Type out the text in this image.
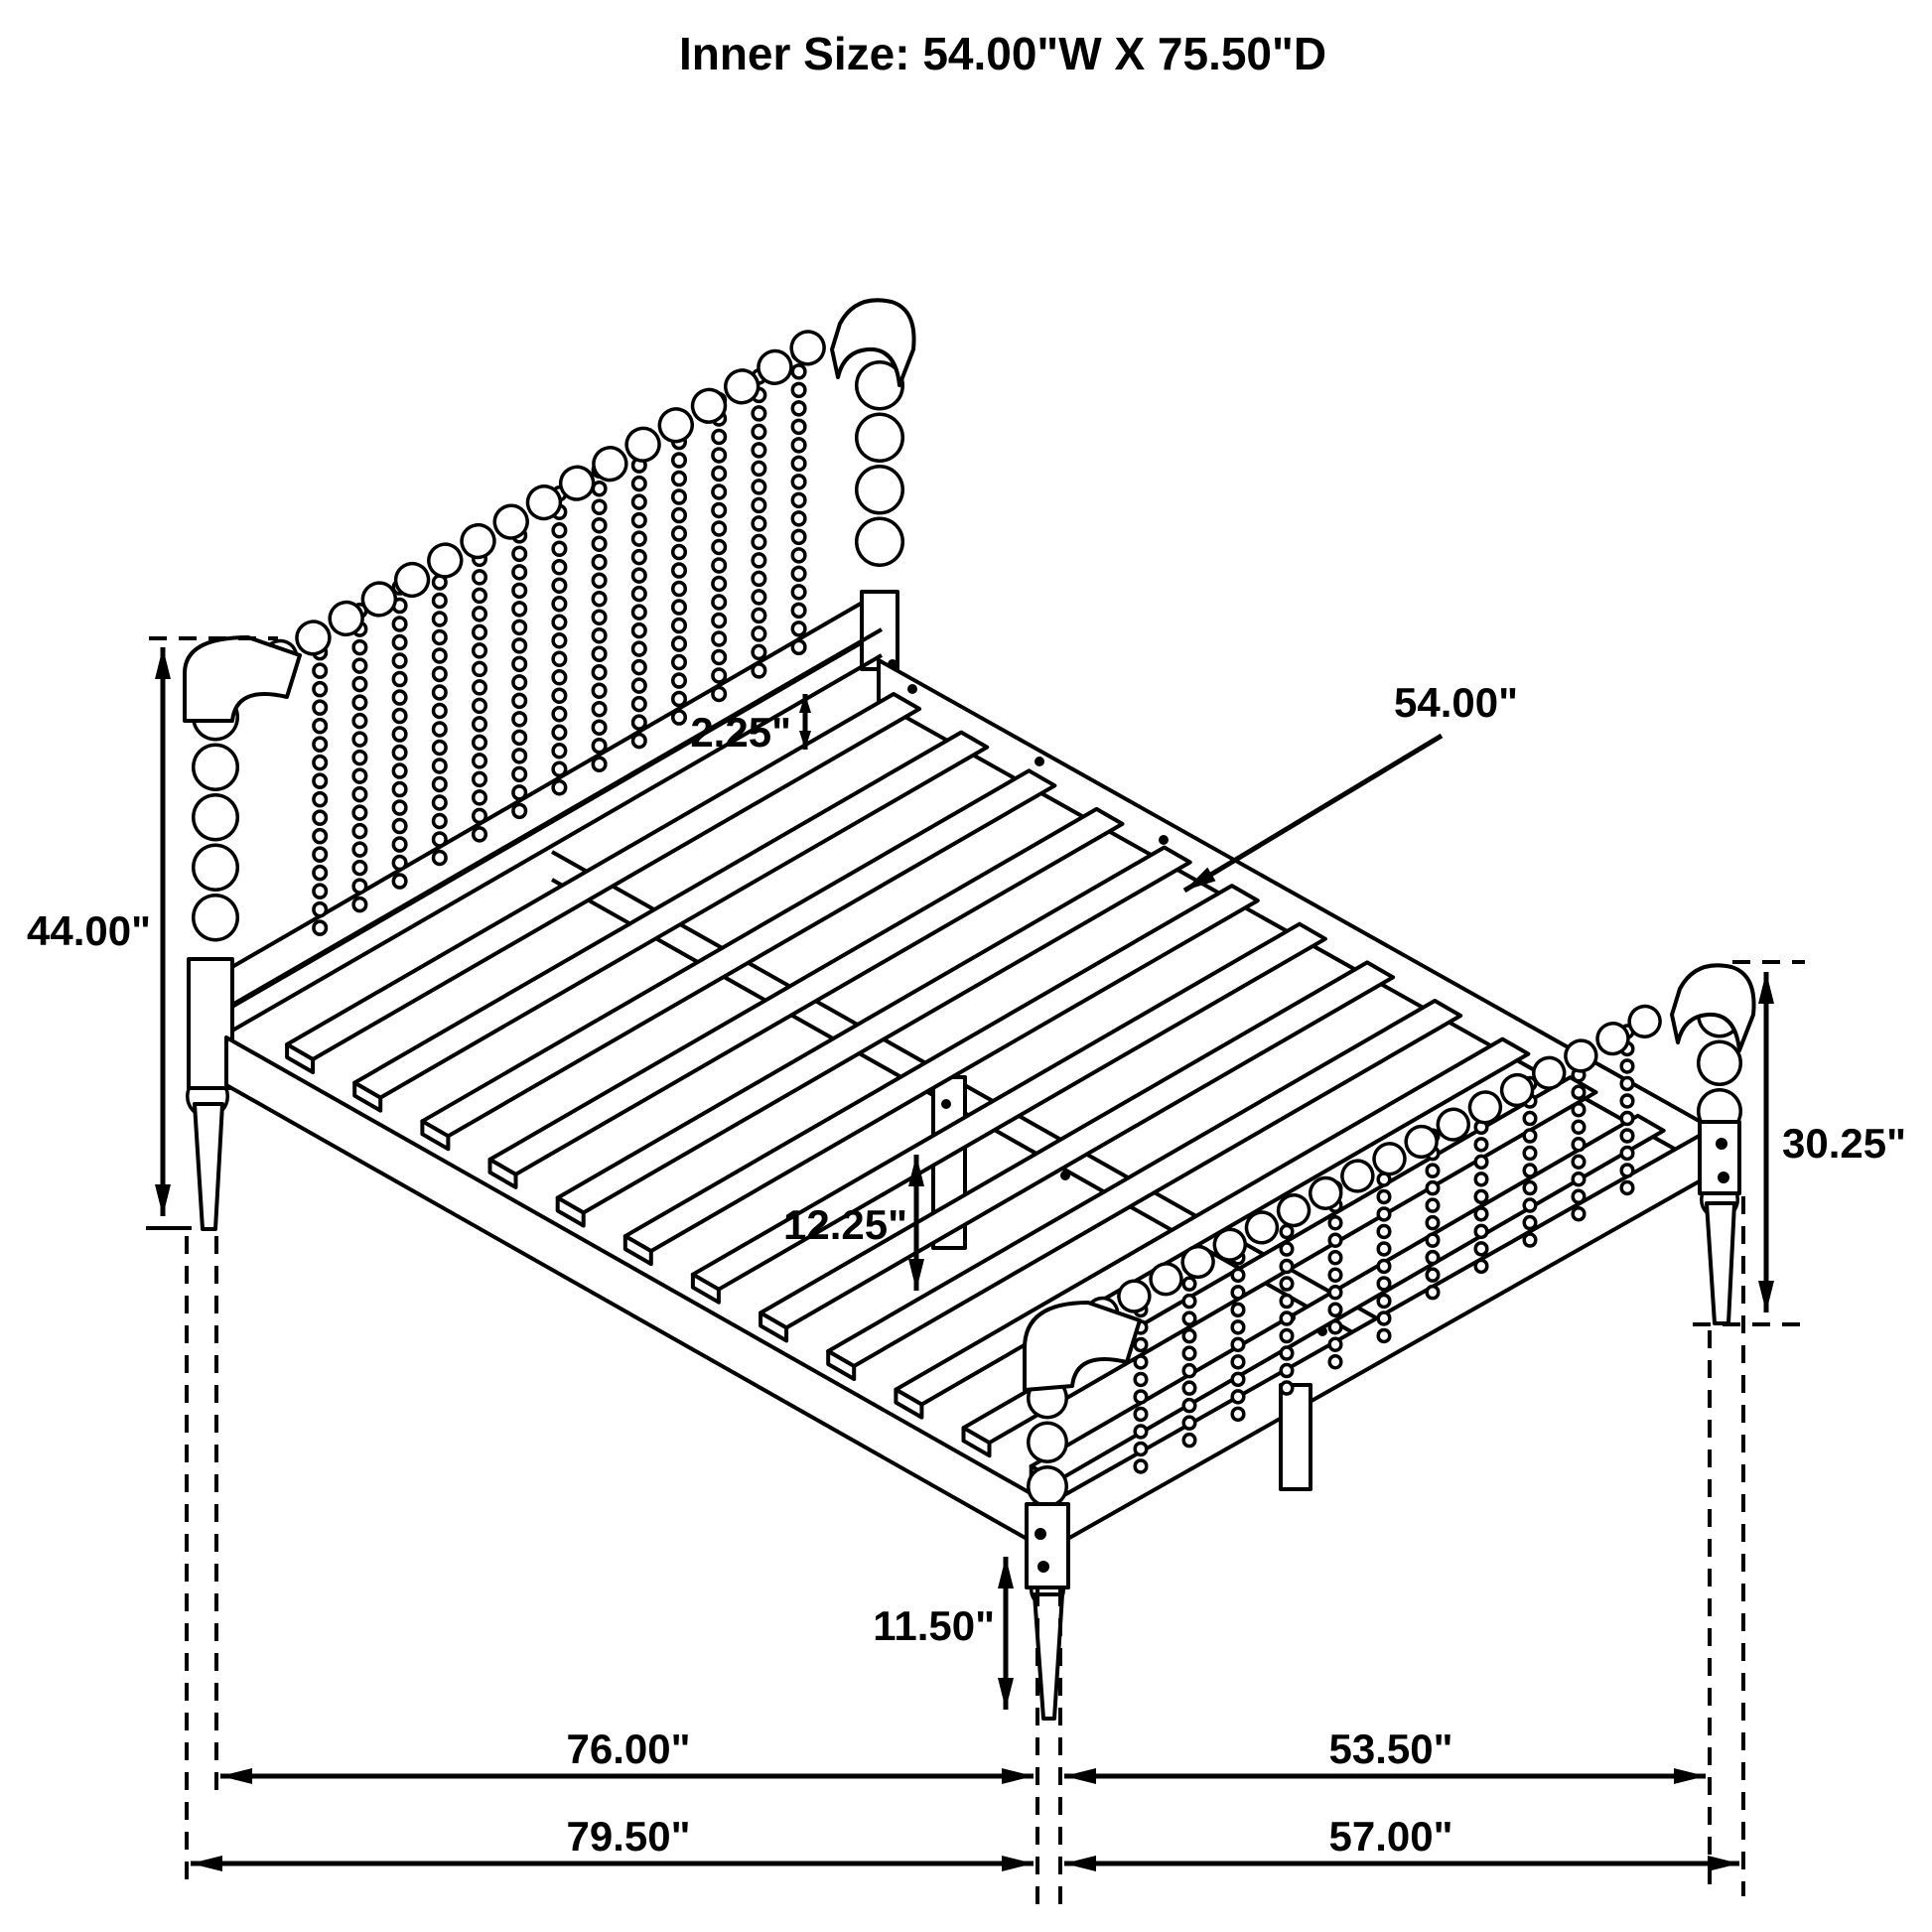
44.00"
2.25"
54.00"
30.25"
12.25"
11.50"
76.00"	53.50"
79.50"	57.00"
Inner Size: 54.00"W X 75.50"D
